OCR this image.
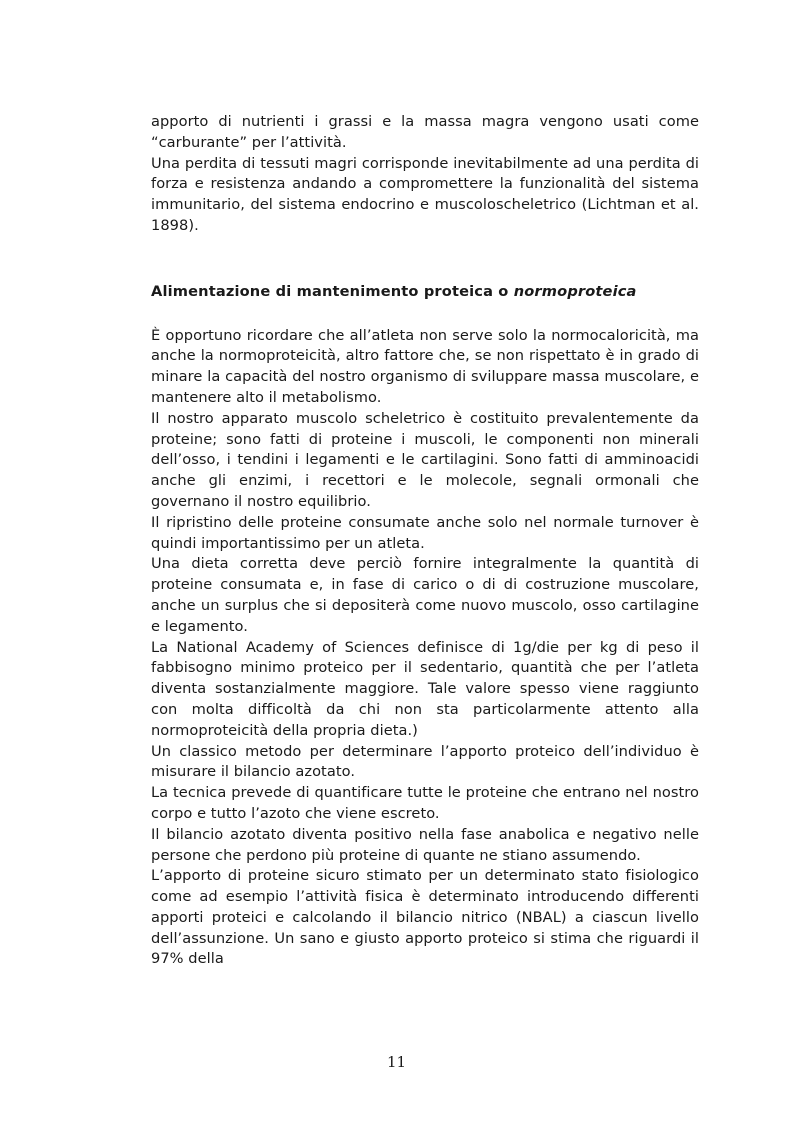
apporto di nutrienti i grassi e la massa magra vengono usati come “carburante” per l’attività.

Una perdita di tessuti magri corrisponde inevitabilmente ad una perdita di forza e resistenza andando a compromettere la funzionalità del sistema immunitario, del sistema endocrino e muscoloscheletrico (Lichtman et al. 1898).

Alimentazione di mantenimento proteica o normoproteica

È opportuno ricordare che all’atleta non serve solo la normocaloricità, ma anche la normoproteicità, altro fattore che, se non rispettato è in grado di minare la capacità del nostro organismo di sviluppare massa muscolare, e mantenere alto il metabolismo.

Il nostro apparato muscolo scheletrico è costituito prevalentemente da proteine; sono fatti di proteine i muscoli, le componenti non minerali dell’osso, i tendini i legamenti e le cartilagini. Sono fatti di amminoacidi anche gli enzimi, i recettori e le molecole, segnali ormonali che governano il nostro equilibrio.

Il ripristino delle proteine consumate anche solo nel normale turnover è quindi importantissimo per un atleta.

Una dieta corretta deve perciò fornire integralmente la quantità di proteine consumata e, in fase di carico o di di costruzione muscolare, anche un surplus che si depositerà come nuovo muscolo, osso cartilagine e legamento.

La National Academy of Sciences definisce di 1g/die per kg di peso il fabbisogno minimo proteico per il sedentario, quantità che per l’atleta diventa sostanzialmente maggiore. Tale valore spesso viene raggiunto con molta difficoltà da chi non sta particolarmente attento alla normoproteicità della propria dieta.)

Un classico metodo per determinare l’apporto proteico dell’individuo è misurare il bilancio azotato.

La tecnica prevede di quantificare tutte le proteine che entrano nel nostro corpo e tutto l’azoto che viene escreto.

Il bilancio azotato diventa positivo nella fase anabolica e negativo nelle persone che perdono più proteine di quante ne stiano assumendo.

L’apporto di proteine sicuro stimato per un determinato stato fisiologico come ad esempio l’attività fisica è determinato introducendo differenti apporti proteici e calcolando il bilancio nitrico (NBAL) a ciascun livello dell’assunzione. Un sano e giusto apporto proteico si stima che riguardi il 97% della

11
